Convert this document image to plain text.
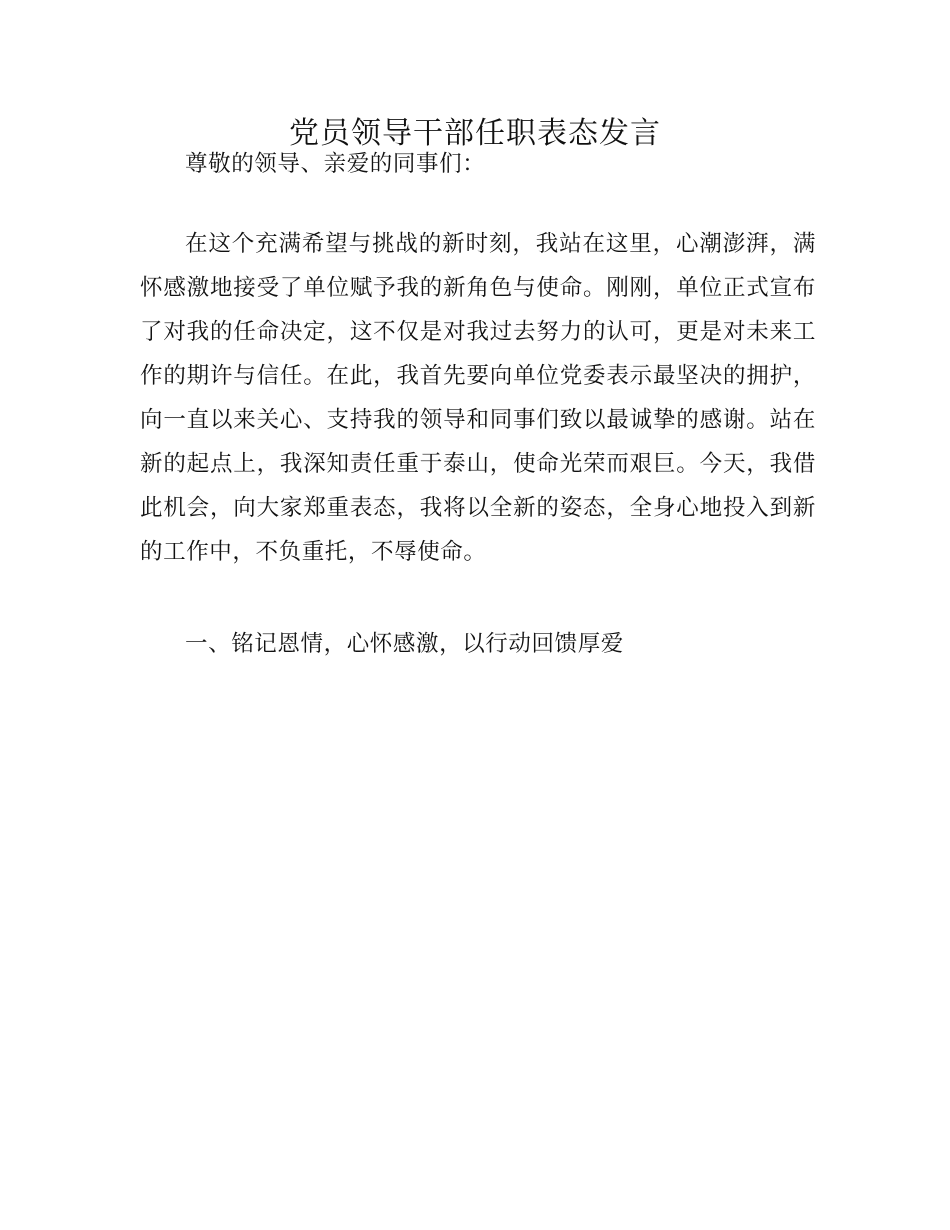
党员领导干部任职表态发言

尊敬的领导、亲爱的同事们：

在这个充满希望与挑战的新时刻，我站在这里，心潮澎湃，满怀感激地接受了单位赋予我的新角色与使命。刚刚，单位正式宣布了对我的任命决定，这不仅是对我过去努力的认可，更是对未来工作的期许与信任。在此，我首先要向单位党委表示最坚决的拥护，向一直以来关心、支持我的领导和同事们致以最诚挚的感谢。站在新的起点上，我深知责任重于泰山，使命光荣而艰巨。今天，我借此机会，向大家郑重表态，我将以全新的姿态，全身心地投入到新的工作中，不负重托，不辱使命。

一、铭记恩情，心怀感激，以行动回馈厚爱
